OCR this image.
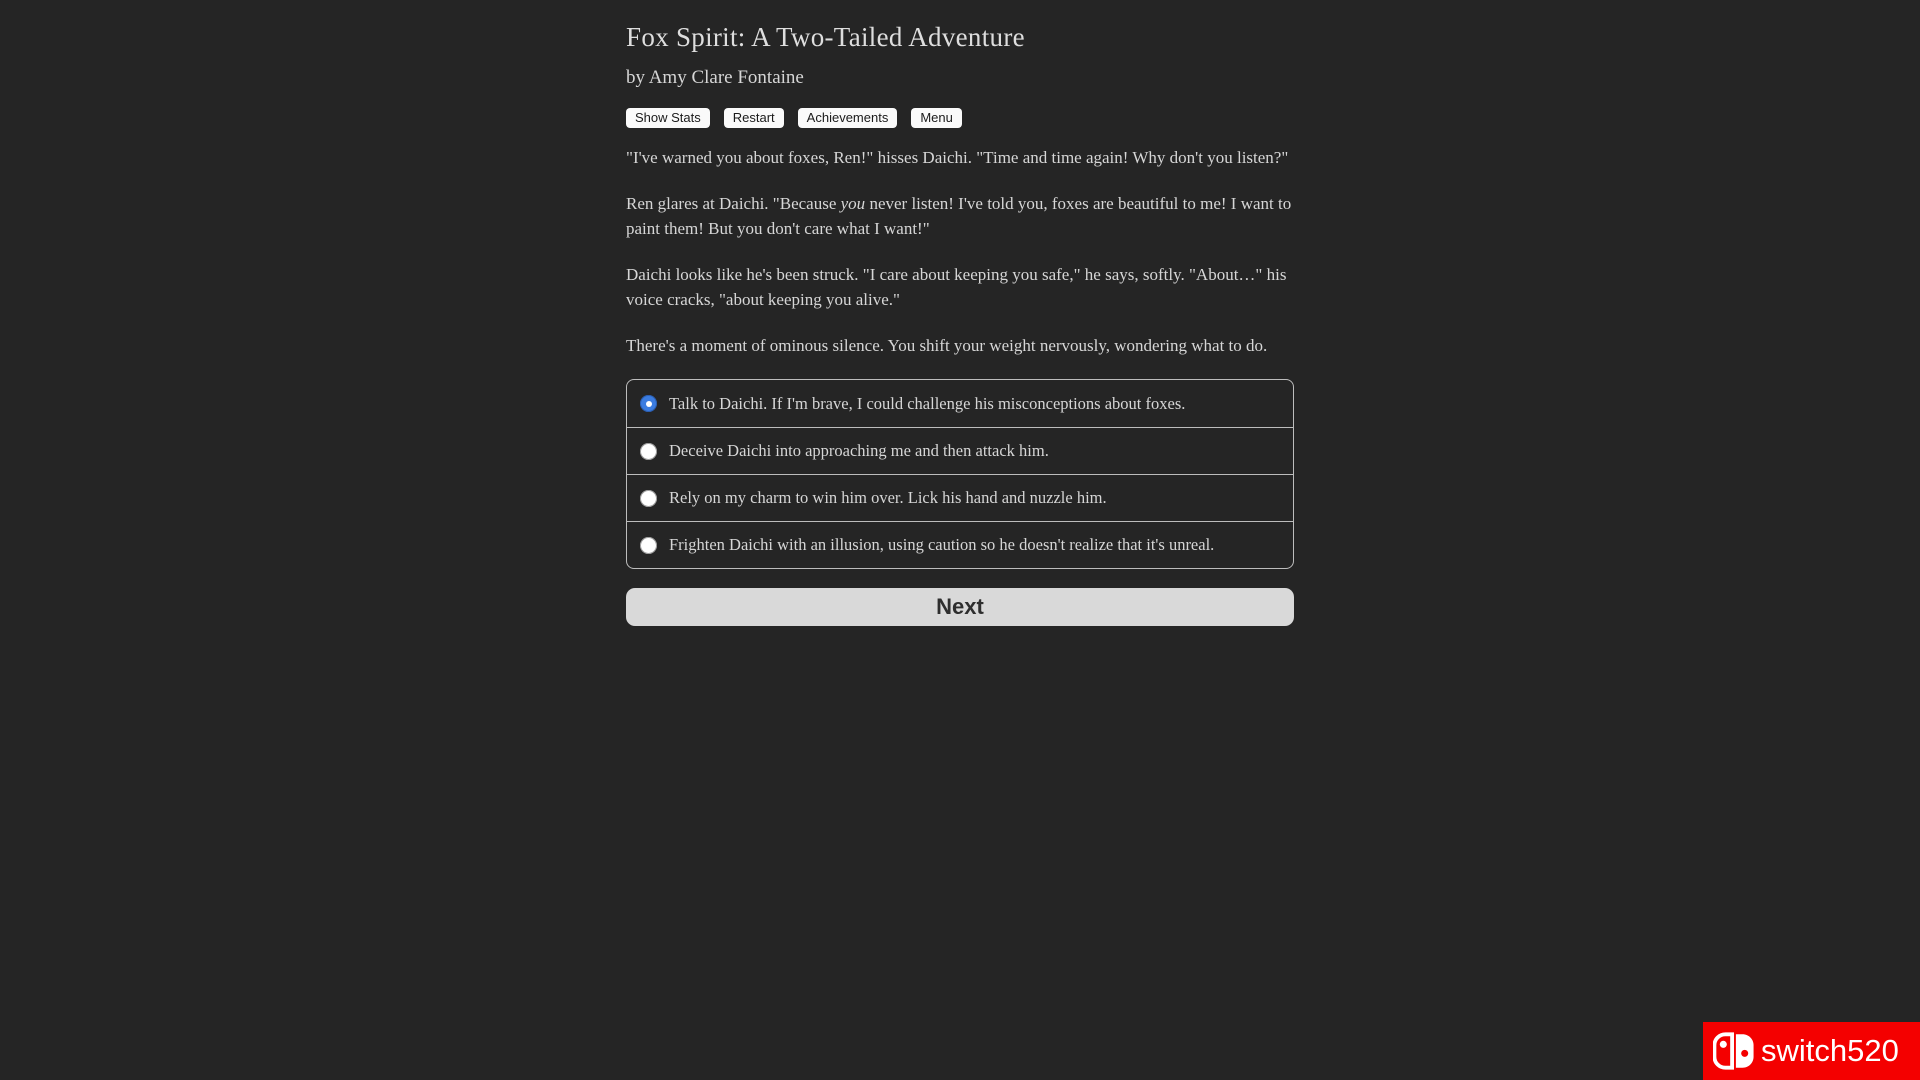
Fox Spirit: A Two-Tailed Adventure

by Amy Clare Fontaine

Show Stats	Restart	Achievements	Menu

"I've warned you about foxes, Ren!" hisses Daichi. "Time and time again! Why don't you listen?"

Ren glares at Daichi. "Because you never listen! I've told you, foxes are beautiful to me! I want to paint them! But you don't care what I want!"

Daichi looks like he's been struck. "I care about keeping you safe," he says, softly. "About…" his voice cracks, "about keeping you alive."

There's a moment of ominous silence. You shift your weight nervously, wondering what to do.

Talk to Daichi. If I'm brave, I could challenge his misconceptions about foxes.
Deceive Daichi into approaching me and then attack him.
Rely on my charm to win him over. Lick his hand and nuzzle him.
Frighten Daichi with an illusion, using caution so he doesn't realize that it's unreal.
Next
switch520
